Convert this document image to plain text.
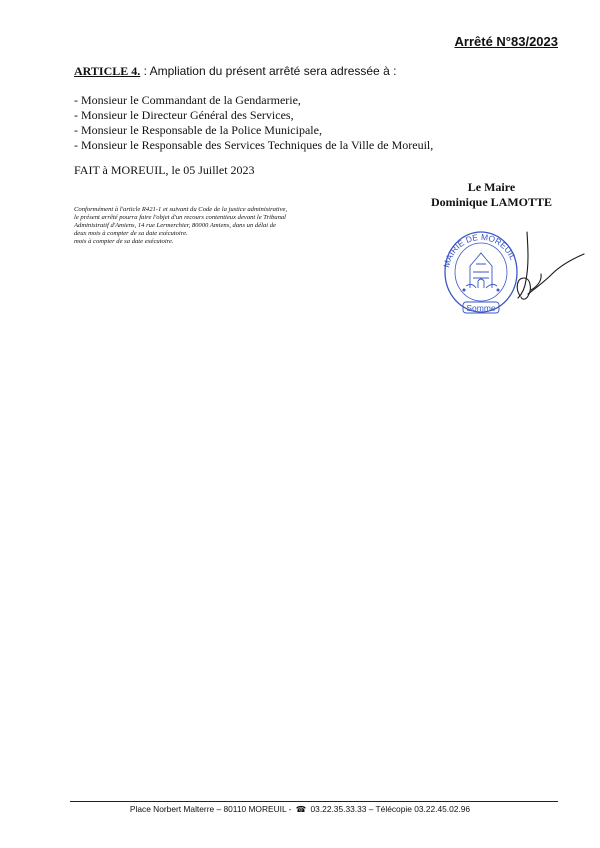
Arrêté N°83/2023
ARTICLE 4. : Ampliation du présent arrêté sera adressée à :
- Monsieur le Commandant de la Gendarmerie,
- Monsieur le Directeur Général des Services,
- Monsieur le Responsable de la Police Municipale,
- Monsieur le Responsable des Services Techniques de la Ville de Moreuil,
FAIT à MOREUIL, le 05 Juillet 2023
Le Maire
Dominique LAMOTTE
Conformément à l'article R421-1 et suivant du Code de la justice administrative,
le présent arrêté pourra faire l'objet d'un recours contentieux devant le Tribunal
Administratif d'Amiens, 14 rue Lermerchier, 80000 Amiens, dans un délai de
deux mois à compter de sa date exécutoire.
mois à compter de sa date exécutoire.
MAIRIE DE MOREUIL
Somme
Place Norbert Malterre – 80110 MOREUIL - ☎ 03.22.35.33.33 – Télécopie 03.22.45.02.96
